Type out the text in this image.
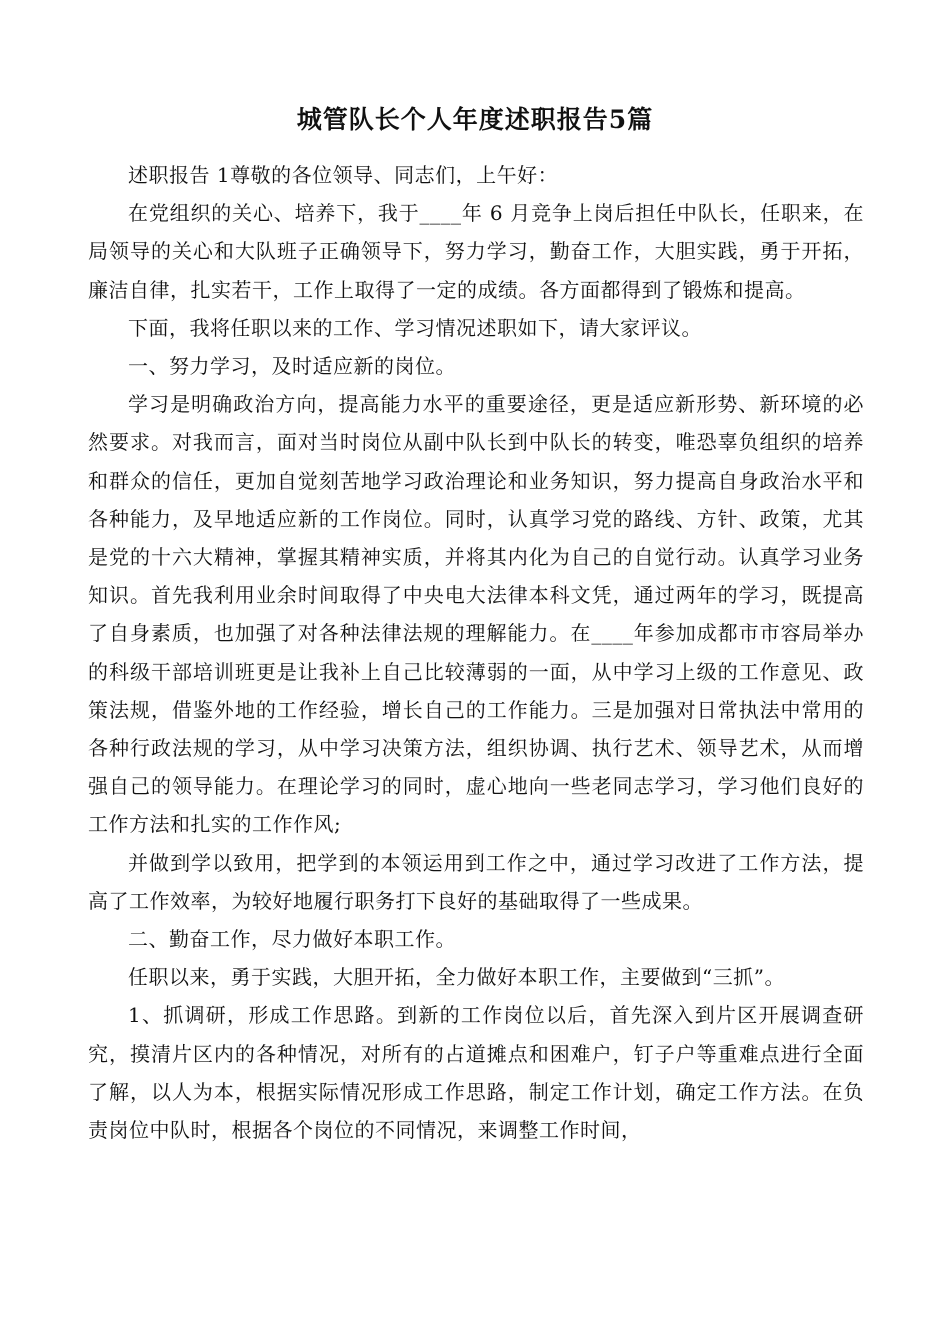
城管队长个人年度述职报告5篇

述职报告 1尊敬的各位领导、同志们，上午好：

在党组织的关心、培养下，我于____年 6 月竞争上岗后担任中队长，任职来，在局领导的关心和大队班子正确领导下，努力学习，勤奋工作，大胆实践，勇于开拓，廉洁自律，扎实若干，工作上取得了一定的成绩。各方面都得到了锻炼和提高。

下面，我将任职以来的工作、学习情况述职如下，请大家评议。

一、努力学习，及时适应新的岗位。

学习是明确政治方向，提高能力水平的重要途径，更是适应新形势、新环境的必然要求。对我而言，面对当时岗位从副中队长到中队长的转变，唯恐辜负组织的培养和群众的信任，更加自觉刻苦地学习政治理论和业务知识，努力提高自身政治水平和各种能力，及早地适应新的工作岗位。同时，认真学习党的路线、方针、政策，尤其是党的十六大精神，掌握其精神实质，并将其内化为自己的自觉行动。认真学习业务知识。首先我利用业余时间取得了中央电大法律本科文凭，通过两年的学习，既提高了自身素质，也加强了对各种法律法规的理解能力。在____年参加成都市市容局举办的科级干部培训班更是让我补上自己比较薄弱的一面，从中学习上级的工作意见、政策法规，借鉴外地的工作经验，增长自己的工作能力。三是加强对日常执法中常用的各种行政法规的学习，从中学习决策方法，组织协调、执行艺术、领导艺术，从而增强自己的领导能力。在理论学习的同时，虚心地向一些老同志学习，学习他们良好的工作方法和扎实的工作作风;

并做到学以致用，把学到的本领运用到工作之中，通过学习改进了工作方法，提高了工作效率，为较好地履行职务打下良好的基础取得了一些成果。

二、勤奋工作，尽力做好本职工作。

任职以来，勇于实践，大胆开拓，全力做好本职工作，主要做到“三抓”。

1、抓调研，形成工作思路。到新的工作岗位以后，首先深入到片区开展调查研究，摸清片区内的各种情况，对所有的占道摊点和困难户，钉子户等重难点进行全面了解，以人为本，根据实际情况形成工作思路，制定工作计划，确定工作方法。在负责岗位中队时，根据各个岗位的不同情况，来调整工作时间，
